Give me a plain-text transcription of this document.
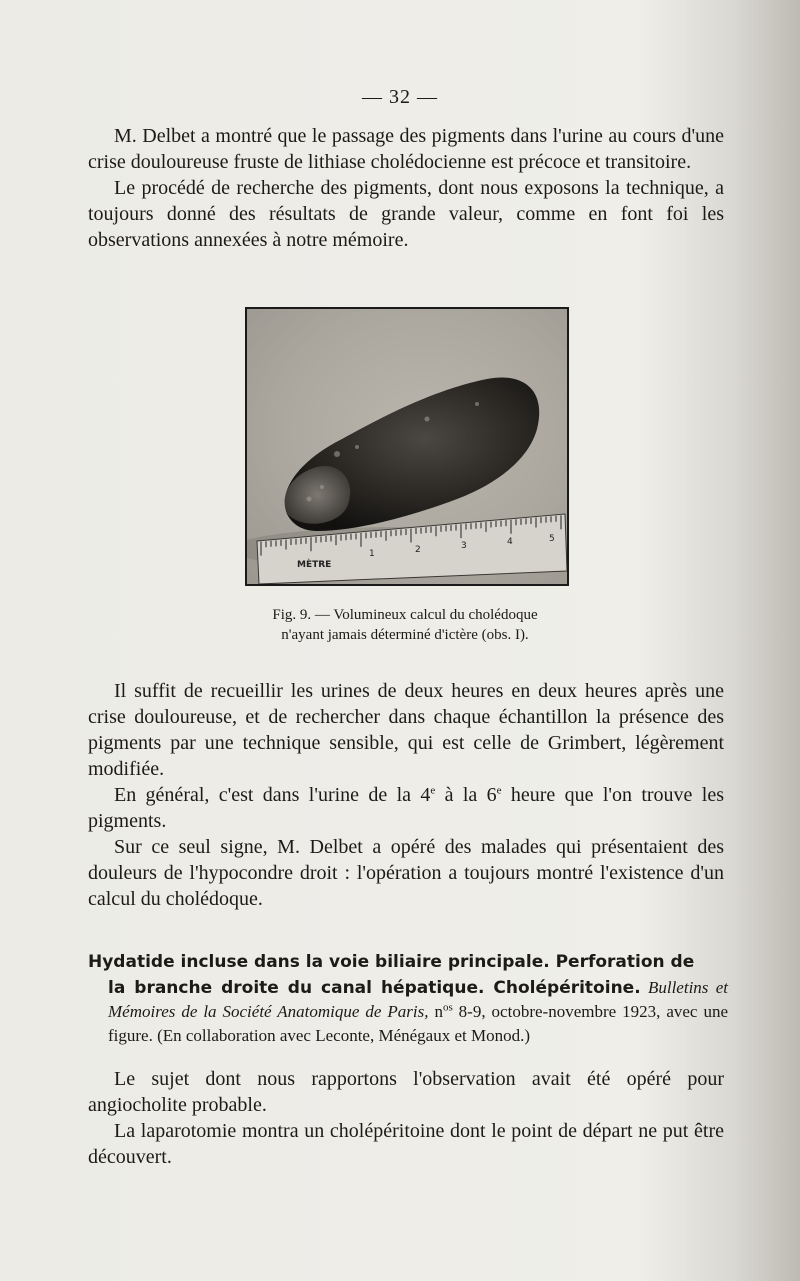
— 32 —

M. Delbet a montré que le passage des pigments dans l'urine au cours d'une crise douloureuse fruste de lithiase cholédocienne est précoce et transitoire.

Le procédé de recherche des pigments, dont nous exposons la technique, a toujours donné des résultats de grande valeur, comme en font foi les observations annexées à notre mémoire.

MÈTRE
1	2	3	4	5
Fig. 9. — Volumineux calcul du cholédoque
n'ayant jamais déterminé d'ictère (obs. I).

Il suffit de recueillir les urines de deux heures en deux heures après une crise douloureuse, et de rechercher dans chaque échantillon la présence des pigments par une technique sensible, qui est celle de Grimbert, légèrement modifiée.

En général, c'est dans l'urine de la 4e à la 6e heure que l'on trouve les pigments.

Sur ce seul signe, M. Delbet a opéré des malades qui présentaient des douleurs de l'hypocondre droit : l'opération a toujours montré l'existence d'un calcul du cholédoque.

Hydatide incluse dans la voie biliaire principale. Perforation de
la branche droite du canal hépatique. Cholépéritoine. Bulletins et Mémoires de la Société Anatomique de Paris, $n^{os}$ 8-9, octobre-novembre 1923, avec une figure. (En collaboration avec Leconte, Ménégaux et Monod.)

Le sujet dont nous rapportons l'observation avait été opéré pour angiocholite probable.

La laparotomie montra un cholépéritoine dont le point de départ ne put être découvert.
